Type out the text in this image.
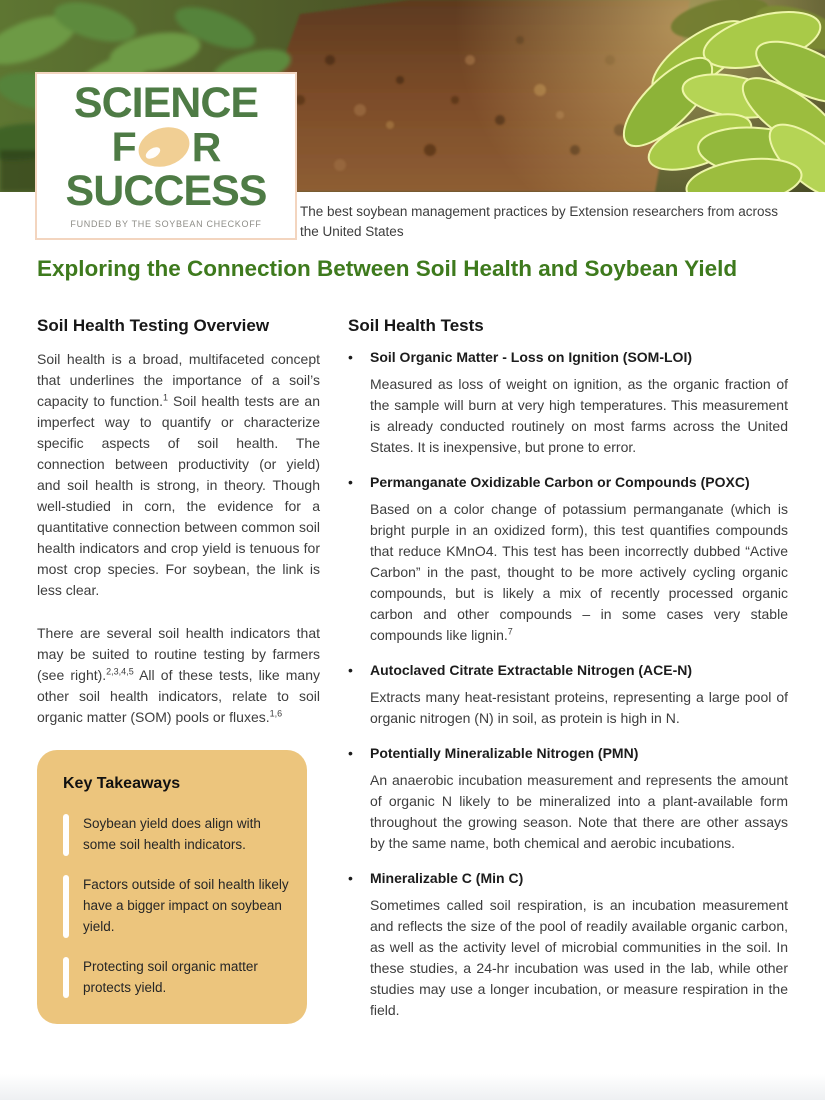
SCIENCE
F R
SUCCESS
FUNDED BY THE SOYBEAN CHECKOFF
The best soybean management practices by Extension researchers from across the United States
Exploring the Connection Between Soil Health and Soybean Yield
Soil Health Testing Overview

Soil health is a broad, multifaceted concept that underlines the importance of a soil’s capacity to function.$^1$ Soil health tests are an imperfect way to quantify or characterize specific aspects of soil health. The connection between productivity (or yield) and soil health is strong, in theory. Though well-studied in corn, the evidence for a quantitative connection between common soil health indicators and crop yield is tenuous for most crop species. For soybean, the link is less clear.

There are several soil health indicators that may be suited to routine testing by farmers (see right).$^{2,3,4,5}$ All of these tests, like many other soil health indicators, relate to soil organic matter (SOM) pools or fluxes.$^{1,6}$

Key Takeaways
Soybean yield does align with some soil health indicators.
Factors outside of soil health likely have a bigger impact on soybean yield.
Protecting soil organic matter protects yield.
Soil Health Tests
•	Soil Organic Matter - Loss on Ignition (SOM-LOI)

Measured as loss of weight on ignition, as the organic fraction of the sample will burn at very high temperatures. This measurement is already conducted routinely on most farms across the United States. It is inexpensive, but prone to error.

•	Permanganate Oxidizable Carbon or Compounds (POXC)

Based on a color change of potassium permanganate (which is bright purple in an oxidized form), this test quantifies compounds that reduce KMnO4. This test has been incorrectly dubbed “Active Carbon” in the past, thought to be more actively cycling organic compounds, but is likely a mix of recently processed organic carbon and other compounds – in some cases very stable compounds like lignin.$^7$

•	Autoclaved Citrate Extractable Nitrogen (ACE-N)

Extracts many heat-resistant proteins, representing a large pool of organic nitrogen (N) in soil, as protein is high in N.

•	Potentially Mineralizable Nitrogen (PMN)

An anaerobic incubation measurement and represents the amount of organic N likely to be mineralized into a plant-available form throughout the growing season. Note that there are other assays by the same name, both chemical and aerobic incubations.

•	Mineralizable C (Min C)

Sometimes called soil respiration, is an incubation measurement and reflects the size of the pool of readily available organic carbon, as well as the activity level of microbial communities in the soil. In these studies, a 24-hr incubation was used in the lab, while other studies may use a longer incubation, or measure respiration in the field.
